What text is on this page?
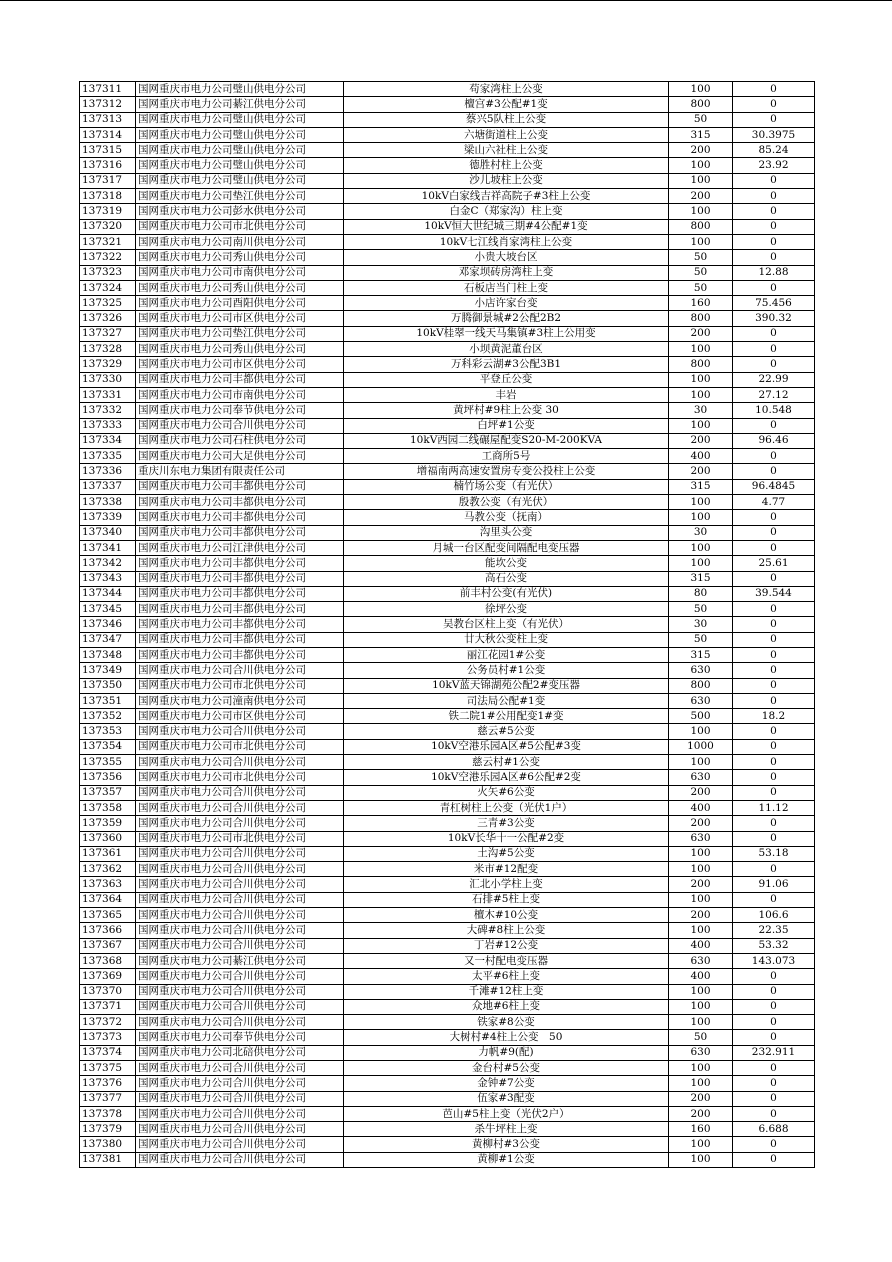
137311	国网重庆市电力公司璧山供电分公司	苟家湾柱上公变	100	0
137312	国网重庆市电力公司綦江供电分公司	檀宫#3公配#1变	800	0
137313	国网重庆市电力公司璧山供电分公司	蔡兴5队柱上公变	50	0
137314	国网重庆市电力公司璧山供电分公司	六塘街道柱上公变	315	30.3975
137315	国网重庆市电力公司璧山供电分公司	梁山六社柱上公变	200	85.24
137316	国网重庆市电力公司璧山供电分公司	德胜村柱上公变	100	23.92
137317	国网重庆市电力公司璧山供电分公司	沙儿坡柱上公变	100	0
137318	国网重庆市电力公司垫江供电分公司	10kV白家线吉祥高院子#3柱上公变	200	0
137319	国网重庆市电力公司彭水供电分公司	白金C（郑家沟）柱上变	100	0
137320	国网重庆市电力公司市北供电分公司	10kV恒大世纪城三期#4公配#1变	800	0
137321	国网重庆市电力公司南川供电分公司	10kV七江线肖家湾柱上公变	100	0
137322	国网重庆市电力公司秀山供电分公司	小贵大坡台区	50	0
137323	国网重庆市电力公司市南供电分公司	邓家坝砖房湾柱上变	50	12.88
137324	国网重庆市电力公司秀山供电分公司	石板店当门柱上变	50	0
137325	国网重庆市电力公司酉阳供电分公司	小店许家台变	160	75.456
137326	国网重庆市电力公司市区供电分公司	万腾御景城#2公配2B2	800	390.32
137327	国网重庆市电力公司垫江供电分公司	10kV桂翠一线天马集镇#3柱上公用变	200	0
137328	国网重庆市电力公司秀山供电分公司	小坝黄泥董台区	100	0
137329	国网重庆市电力公司市区供电分公司	万科彩云湖#3公配3B1	800	0
137330	国网重庆市电力公司丰都供电分公司	平登丘公变	100	22.99
137331	国网重庆市电力公司市南供电分公司	丰岩	100	27.12
137332	国网重庆市电力公司奉节供电分公司	黄坪村#9柱上公变 30	30	10.548
137333	国网重庆市电力公司合川供电分公司	白坪#1公变	100	0
137334	国网重庆市电力公司石柱供电分公司	10kV西园二线碾屋配变S20-M-200KVA	200	96.46
137335	国网重庆市电力公司大足供电分公司	工商所5号	400	0
137336	重庆川东电力集团有限责任公司	增福南两高速安置房专变公投柱上公变	200	0
137337	国网重庆市电力公司丰都供电分公司	楠竹场公变（有光伏）	315	96.4845
137338	国网重庆市电力公司丰都供电分公司	殷教公变（有光伏）	100	4.77
137339	国网重庆市电力公司丰都供电分公司	马教公变（抚南）	100	0
137340	国网重庆市电力公司丰都供电分公司	沟里头公变	30	0
137341	国网重庆市电力公司江津供电分公司	月城一台区配变间隔配电变压器	100	0
137342	国网重庆市电力公司丰都供电分公司	能坎公变	100	25.61
137343	国网重庆市电力公司丰都供电分公司	高石公变	315	0
137344	国网重庆市电力公司丰都供电分公司	前丰村公变(有光伏)	80	39.544
137345	国网重庆市电力公司丰都供电分公司	徐坪公变	50	0
137346	国网重庆市电力公司丰都供电分公司	吴教台区柱上变（有光伏）	30	0
137347	国网重庆市电力公司丰都供电分公司	廿大秋公变柱上变	50	0
137348	国网重庆市电力公司丰都供电分公司	丽江花园1#公变	315	0
137349	国网重庆市电力公司合川供电分公司	公务员村#1公变	630	0
137350	国网重庆市电力公司市北供电分公司	10kV蓝天锦湖苑公配2#变压器	800	0
137351	国网重庆市电力公司潼南供电分公司	司法局公配#1变	630	0
137352	国网重庆市电力公司市区供电分公司	铁二院1#公用配变1#变	500	18.2
137353	国网重庆市电力公司合川供电分公司	慈云#5公变	100	0
137354	国网重庆市电力公司市北供电分公司	10kV空港乐园A区#5公配#3变	1000	0
137355	国网重庆市电力公司合川供电分公司	慈云村#1公变	100	0
137356	国网重庆市电力公司市北供电分公司	10kV空港乐园A区#6公配#2变	630	0
137357	国网重庆市电力公司合川供电分公司	火矢#6公变	200	0
137358	国网重庆市电力公司合川供电分公司	青杠树柱上公变（光伏1户）	400	11.12
137359	国网重庆市电力公司合川供电分公司	三青#3公变	200	0
137360	国网重庆市电力公司市北供电分公司	10kV长华十一公配#2变	630	0
137361	国网重庆市电力公司合川供电分公司	土沟#5公变	100	53.18
137362	国网重庆市电力公司合川供电分公司	米市#12配变	100	0
137363	国网重庆市电力公司合川供电分公司	汇北小学柱上变	200	91.06
137364	国网重庆市电力公司合川供电分公司	石排#5柱上变	100	0
137365	国网重庆市电力公司合川供电分公司	檀木#10公变	200	106.6
137366	国网重庆市电力公司合川供电分公司	大碑#8柱上公变	100	22.35
137367	国网重庆市电力公司合川供电分公司	丁岩#12公变	400	53.32
137368	国网重庆市电力公司綦江供电分公司	又一村配电变压器	630	143.073
137369	国网重庆市电力公司合川供电分公司	太平#6柱上变	400	0
137370	国网重庆市电力公司合川供电分公司	千滩#12柱上变	100	0
137371	国网重庆市电力公司合川供电分公司	众地#6柱上变	100	0
137372	国网重庆市电力公司合川供电分公司	铁家#8公变	100	0
137373	国网重庆市电力公司奉节供电分公司	大树村#4柱上公变　50	50	0
137374	国网重庆市电力公司北碚供电分公司	力帆#9(配)	630	232.911
137375	国网重庆市电力公司合川供电分公司	金台村#5公变	100	0
137376	国网重庆市电力公司合川供电分公司	金钟#7公变	100	0
137377	国网重庆市电力公司合川供电分公司	伍家#3配变	200	0
137378	国网重庆市电力公司合川供电分公司	芭山#5柱上变（光伏2户）	200	0
137379	国网重庆市电力公司合川供电分公司	杀牛坪柱上变	160	6.688
137380	国网重庆市电力公司合川供电分公司	黄柳村#3公变	100	0
137381	国网重庆市电力公司合川供电分公司	黄柳#1公变	100	0
